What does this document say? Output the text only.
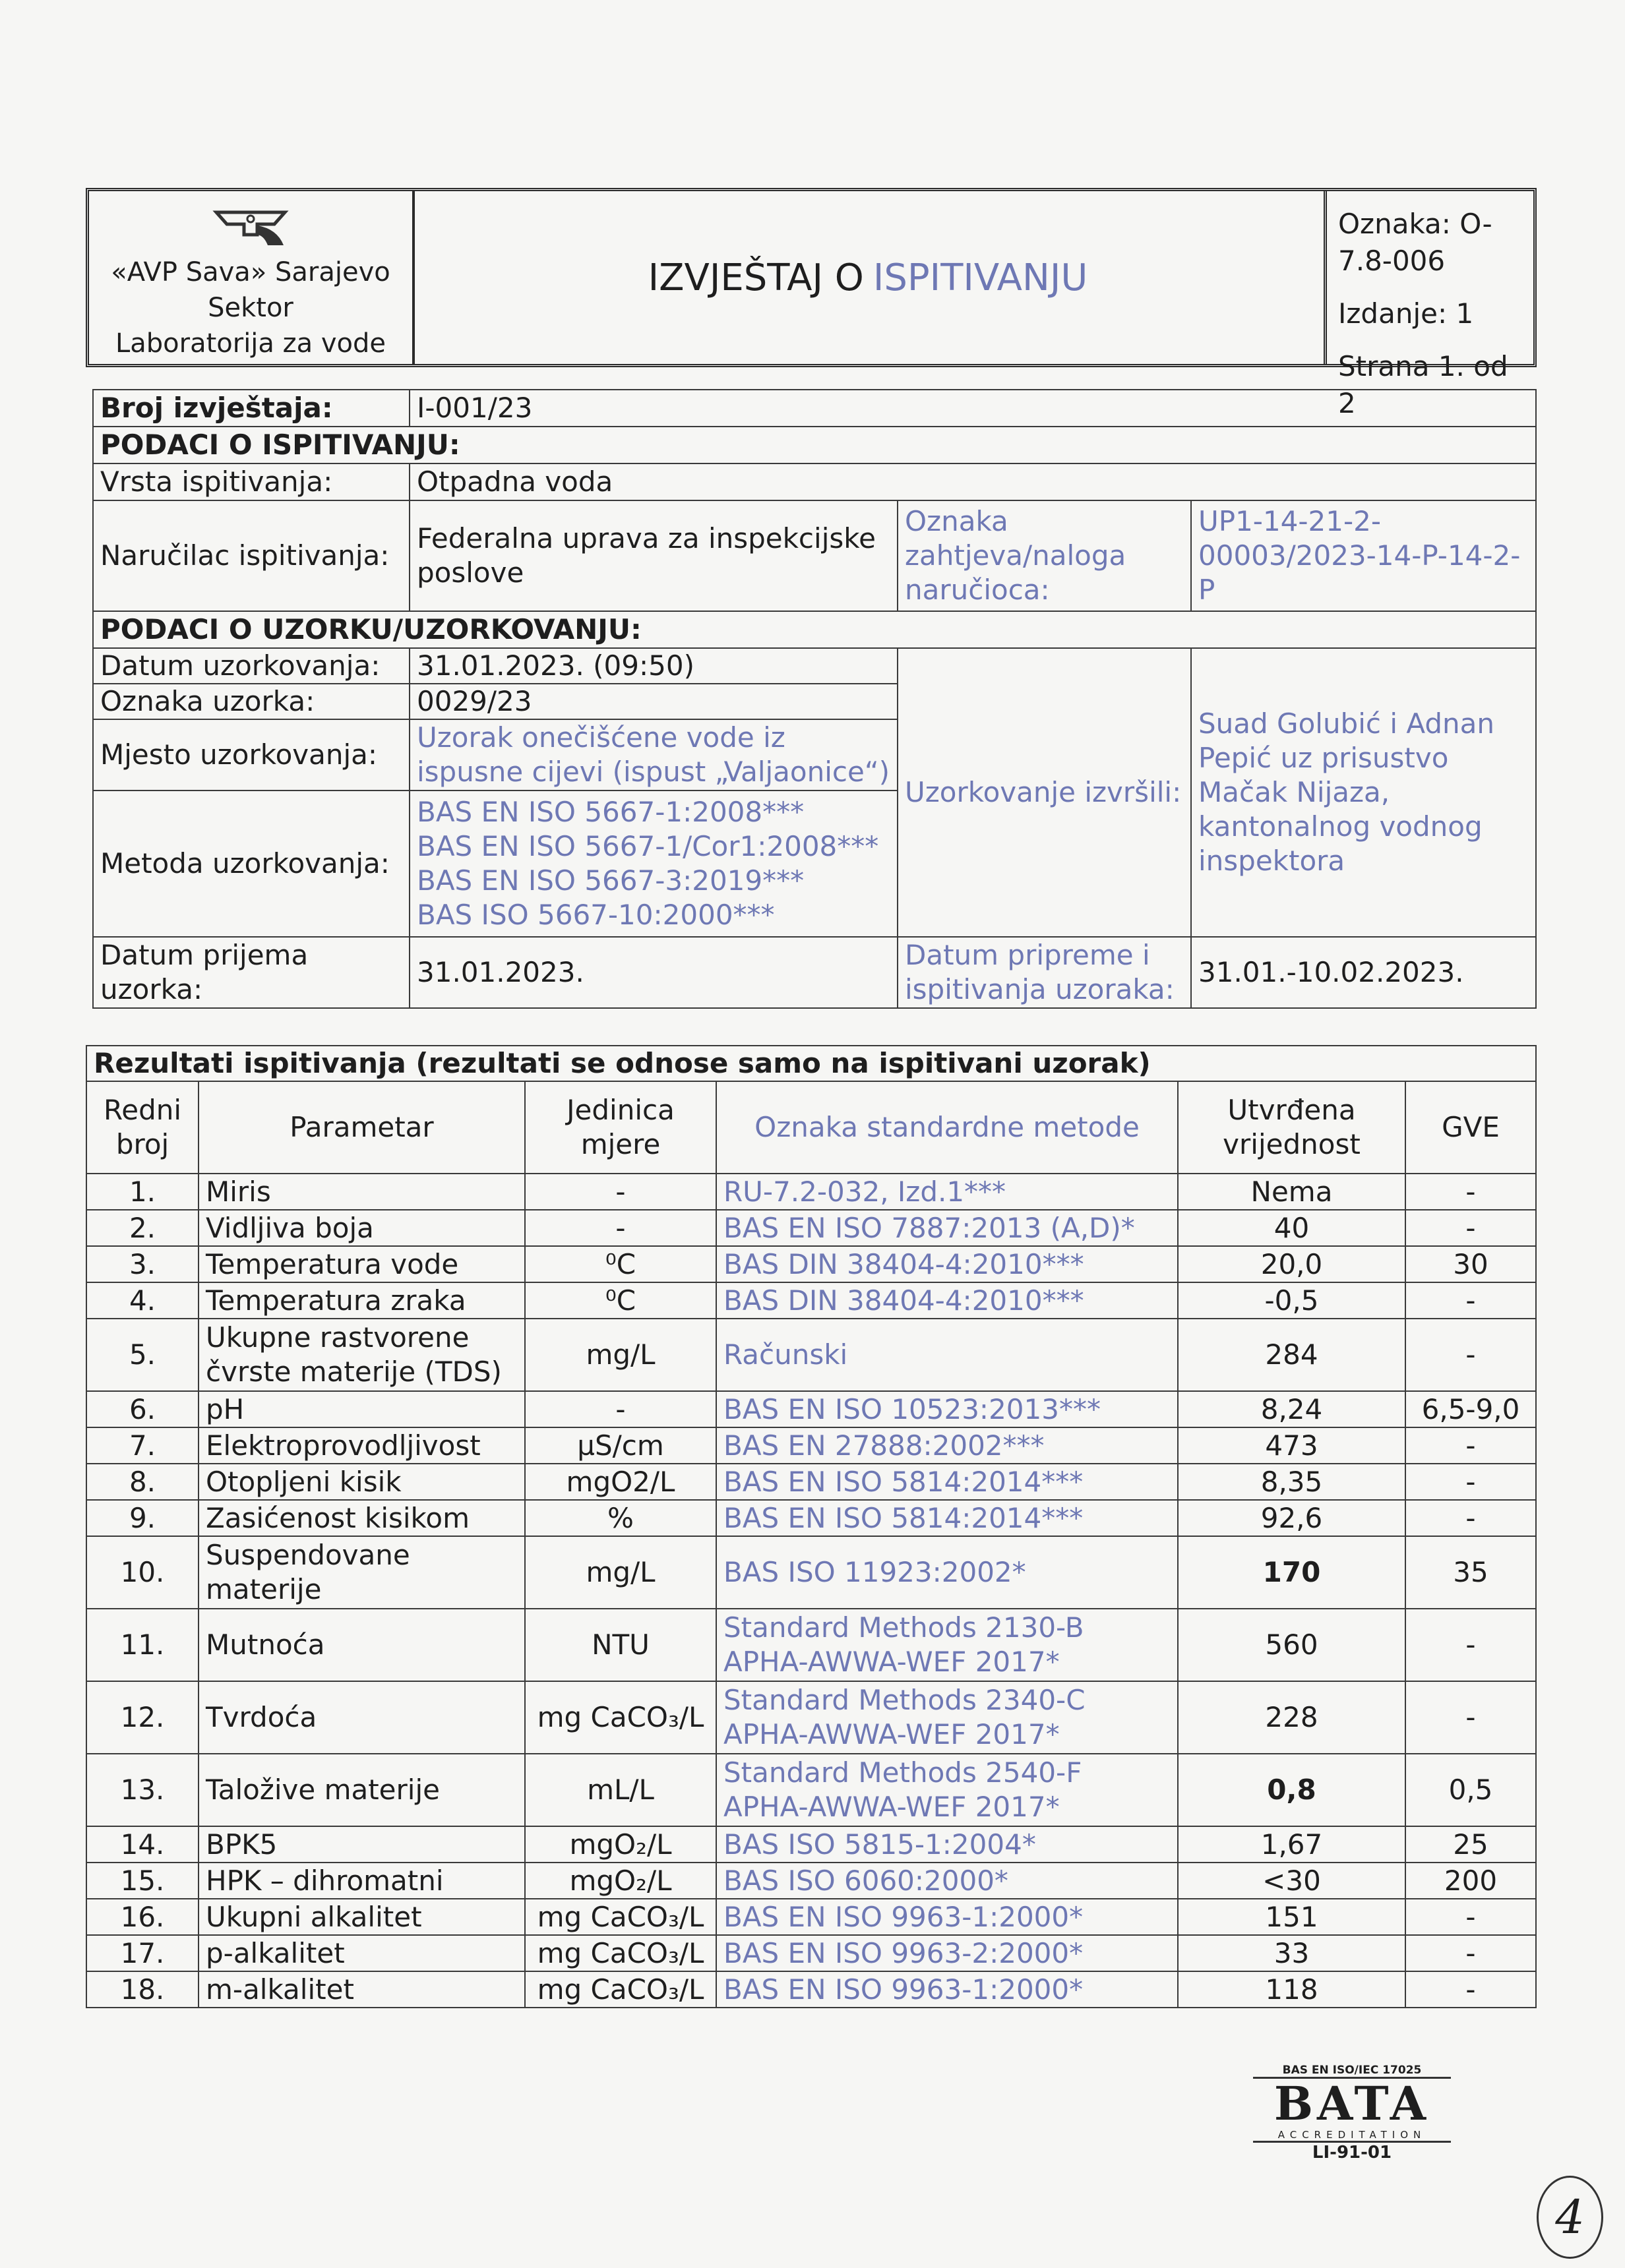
«AVP Sava» Sarajevo
Sektor
Laboratorija za vode
IZVJEŠTAJ O ISPITIVANJU
Oznaka: O-7.8-006
Izdanje: 1
Strana 1. od 2
Broj izvještaja:	I-001/23		
PODACI O ISPITIVANJU:			
Vrsta ispitivanja:	Otpadna voda		
Naručilac ispitivanja:	Federalna uprava za inspekcijske poslove	Oznaka zahtjeva/naloga naručioca:	UP1-14-21-2-00003/2023-14-P-14-2-P
PODACI O UZORKU/UZORKOVANJU:			
Datum uzorkovanja:	31.01.2023. (09:50)	Uzorkovanje izvršili:	Suad Golubić i Adnan Pepić uz prisustvo Mačak Nijaza, kantonalnog vodnog inspektora
Oznaka uzorka:	0029/23		
Mjesto uzorkovanja:	Uzorak onečišćene vode iz ispusne cijevi (ispust „Valjaonice“)		
Metoda uzorkovanja:	BAS EN ISO 5667-1:2008***
BAS EN ISO 5667-1/Cor1:2008***
BAS EN ISO 5667-3:2019***
BAS ISO 5667-10:2000***		

Datum prijema uzorka:	31.01.2023.	Datum pripreme i ispitivanja uzoraka:	31.01.-10.02.2023.
Rezultati ispitivanja (rezultati se odnose samo na ispitivani uzorak)					
Redni broj	Parametar	Jedinica mjere	Oznaka standardne metode	Utvrđena vrijednost	GVE
1.	Miris	-	RU-7.2-032, Izd.1***	Nema	-
2.	Vidljiva boja	-	BAS EN ISO 7887:2013 (A,D)*	40	-
3.	Temperatura vode	⁰C	BAS DIN 38404-4:2010***	20,0	30
4.	Temperatura zraka	⁰C	BAS DIN 38404-4:2010***	-0,5	-
5.	Ukupne rastvorene čvrste materije (TDS)	mg/L	Računski	284	-
6.	pH	-	BAS EN ISO 10523:2013***	8,24	6,5-9,0
7.	Elektroprovodljivost	µS/cm	BAS EN 27888:2002***	473	-
8.	Otopljeni kisik	mgO2/L	BAS EN ISO 5814:2014***	8,35	-
9.	Zasićenost kisikom	%	BAS EN ISO 5814:2014***	92,6	-
10.	Suspendovane materije	mg/L	BAS ISO 11923:2002*	170	35
11.	Mutnoća	NTU	Standard Methods 2130-B APHA-AWWA-WEF 2017*	560	-
12.	Tvrdoća	mg CaCO₃/L	Standard Methods 2340-C APHA-AWWA-WEF 2017*	228	-
13.	Taložive materije	mL/L	Standard Methods 2540-F APHA-AWWA-WEF 2017*	0,8	0,5
14.	BPK5	mgO₂/L	BAS ISO 5815-1:2004*	1,67	25
15.	HPK – dihromatni	mgO₂/L	BAS ISO 6060:2000*	<30	200
16.	Ukupni alkalitet	mg CaCO₃/L	BAS EN ISO 9963-1:2000*	151	-
17.	p-alkalitet	mg CaCO₃/L	BAS EN ISO 9963-2:2000*	33	-
18.	m-alkalitet	mg CaCO₃/L	BAS EN ISO 9963-1:2000*	118	-
BAS EN ISO/IEC 17025
BATA
ACCREDITATION
LI-91-01
4
